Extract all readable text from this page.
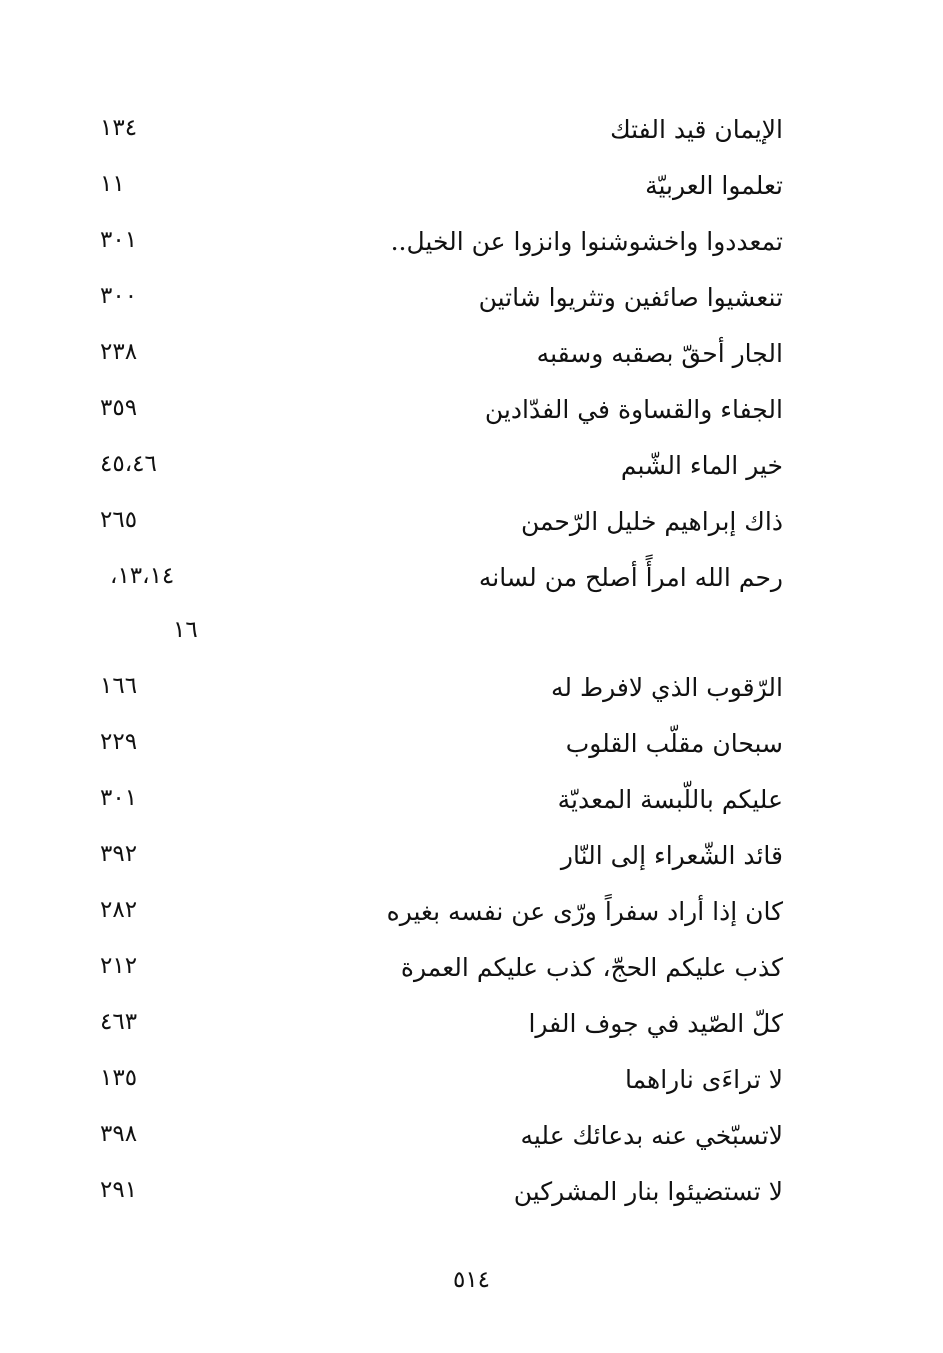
الإيمان قيد الفتك
١٣٤
تعلموا العربيّة
١١
تمعددوا واخشوشنوا وانزوا عن الخيل..
٣٠١
تنعشيوا صائفين وتثريوا شاتين
٣٠٠
الجار أحقّ بصقبه وسقبه
٢٣٨
الجفاء والقساوة في الفدّادين
٣٥٩
خير الماء الشّبم
٤٥،٤٦
ذاك إبراهيم خليل الرّحمن
٢٦٥
رحم الله امرأً أصلح من لسانه
١٣،١٤،
١٦
الرّقوب الذي لافرط له
١٦٦
سبحان مقلّب القلوب
٢٢٩
عليكم باللّبسة المعديّة
٣٠١
قائد الشّعراء إلى النّار
٣٩٢
كان إذا أراد سفراً ورّى عن نفسه بغيره
٢٨٢
كذب عليكم الحجّ، كذب عليكم العمرة
٢١٢
كلّ الصّيد في جوف الفرا
٤٦٣
لا تراءَى ناراهما
١٣٥
لاتسبّخي عنه بدعائك عليه
٣٩٨
لا تستضيئوا بنار المشركين
٢٩١
٥١٤
